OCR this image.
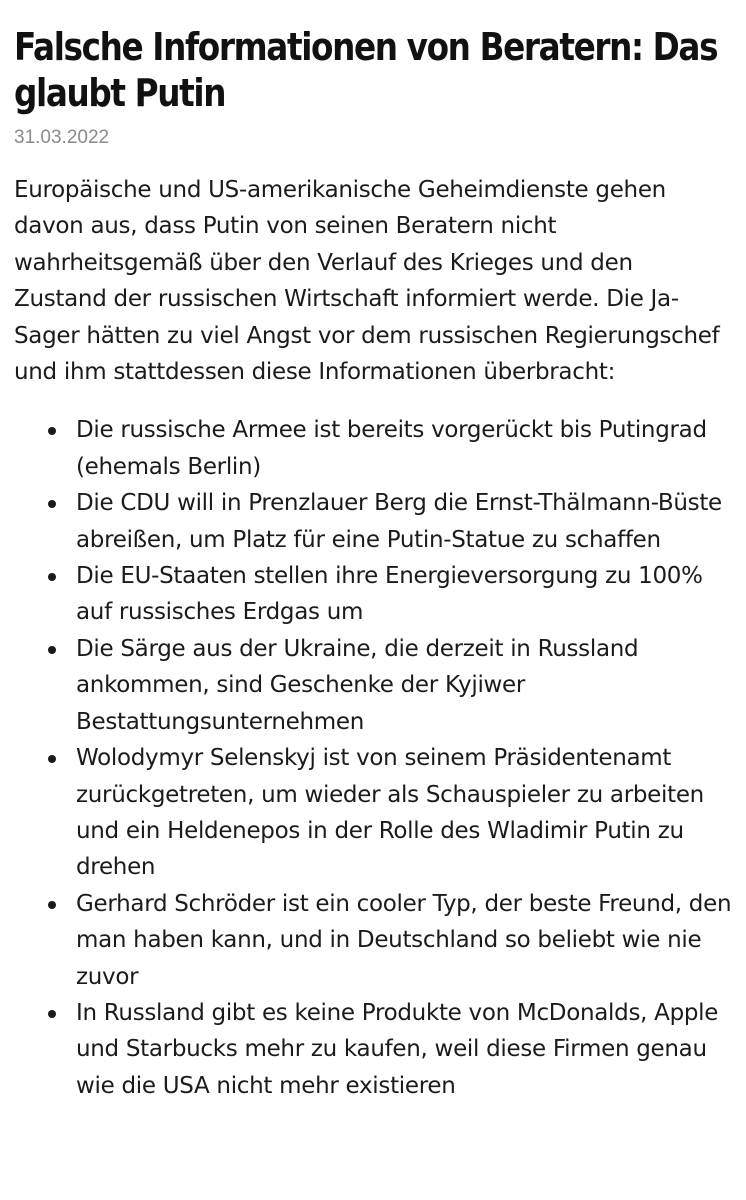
Falsche Informationen von Beratern: Das glaubt Putin
31.03.2022

Europäische und US-amerikanische Geheimdienste gehen davon aus, dass Putin von seinen Beratern nicht wahrheitsgemäß über den Verlauf des Krieges und den Zustand der russischen Wirtschaft informiert werde. Die Ja-Sager hätten zu viel Angst vor dem russischen Regierungschef und ihm stattdessen diese Informationen überbracht:

Die russische Armee ist bereits vorgerückt bis Putingrad (ehemals Berlin)
Die CDU will in Prenzlauer Berg die Ernst-Thälmann-Büste abreißen, um Platz für eine Putin-Statue zu schaffen
Die EU-Staaten stellen ihre Energieversorgung zu 100% auf russisches Erdgas um
Die Särge aus der Ukraine, die derzeit in Russland ankommen, sind Geschenke der Kyjiwer Bestattungsunternehmen
Wolodymyr Selenskyj ist von seinem Präsidentenamt zurückgetreten, um wieder als Schauspieler zu arbeiten und ein Heldenepos in der Rolle des Wladimir Putin zu drehen
Gerhard Schröder ist ein cooler Typ, der beste Freund, den man haben kann, und in Deutschland so beliebt wie nie zuvor
In Russland gibt es keine Produkte von McDonalds, Apple und Starbucks mehr zu kaufen, weil diese Firmen genau wie die USA nicht mehr existieren
